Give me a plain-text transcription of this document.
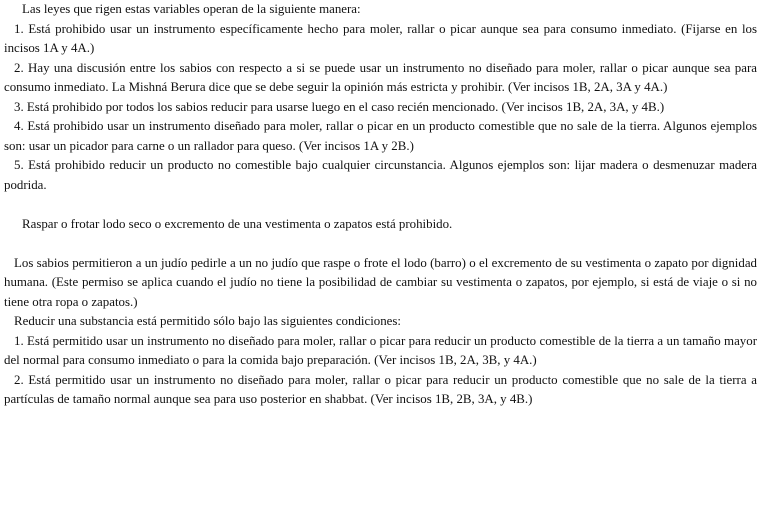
Las leyes que rigen estas variables operan de la siguiente manera:

1. Está prohibido usar un instrumento específicamente hecho para moler, rallar o picar aunque sea para consumo inmediato. (Fijarse en los incisos 1A y 4A.)

2. Hay una discusión entre los sabios con respecto a si se puede usar un instrumento no diseñado para moler, rallar o picar aunque sea para consumo inmediato. La Mishná Berura dice que se debe seguir la opinión más estricta y prohibir. (Ver incisos 1B, 2A, 3A y 4A.)

3. Está prohibido por todos los sabios reducir para usarse luego en el caso recién mencionado. (Ver incisos 1B, 2A, 3A, y 4B.)

4. Está prohibido usar un instrumento diseñado para moler, rallar o picar en un producto comestible que no sale de la tierra. Algunos ejemplos son: usar un picador para carne o un rallador para queso. (Ver incisos 1A y 2B.)

5. Está prohibido reducir un producto no comestible bajo cualquier circunstancia. Algunos ejemplos son: lijar madera o desmenuzar madera podrida.

Raspar o frotar lodo seco o excremento de una vestimenta o zapatos está prohibido.

Los sabios permitieron a un judío pedirle a un no judío que raspe o frote el lodo (barro) o el excremento de su vestimenta o zapato por dignidad humana. (Este permiso se aplica cuando el judío no tiene la posibilidad de cambiar su vestimenta o zapatos, por ejemplo, si está de viaje o si no tiene otra ropa o zapatos.)

Reducir una substancia está permitido sólo bajo las siguientes condiciones:

1. Está permitido usar un instrumento no diseñado para moler, rallar o picar para reducir un producto comestible de la tierra a un tamaño mayor del normal para consumo inmediato o para la comida bajo preparación. (Ver incisos 1B, 2A, 3B, y 4A.)

2. Está permitido usar un instrumento no diseñado para moler, rallar o picar para reducir un producto comestible que no sale de la tierra a partículas de tamaño normal aunque sea para uso posterior en shabbat. (Ver incisos 1B, 2B, 3A, y 4B.)
